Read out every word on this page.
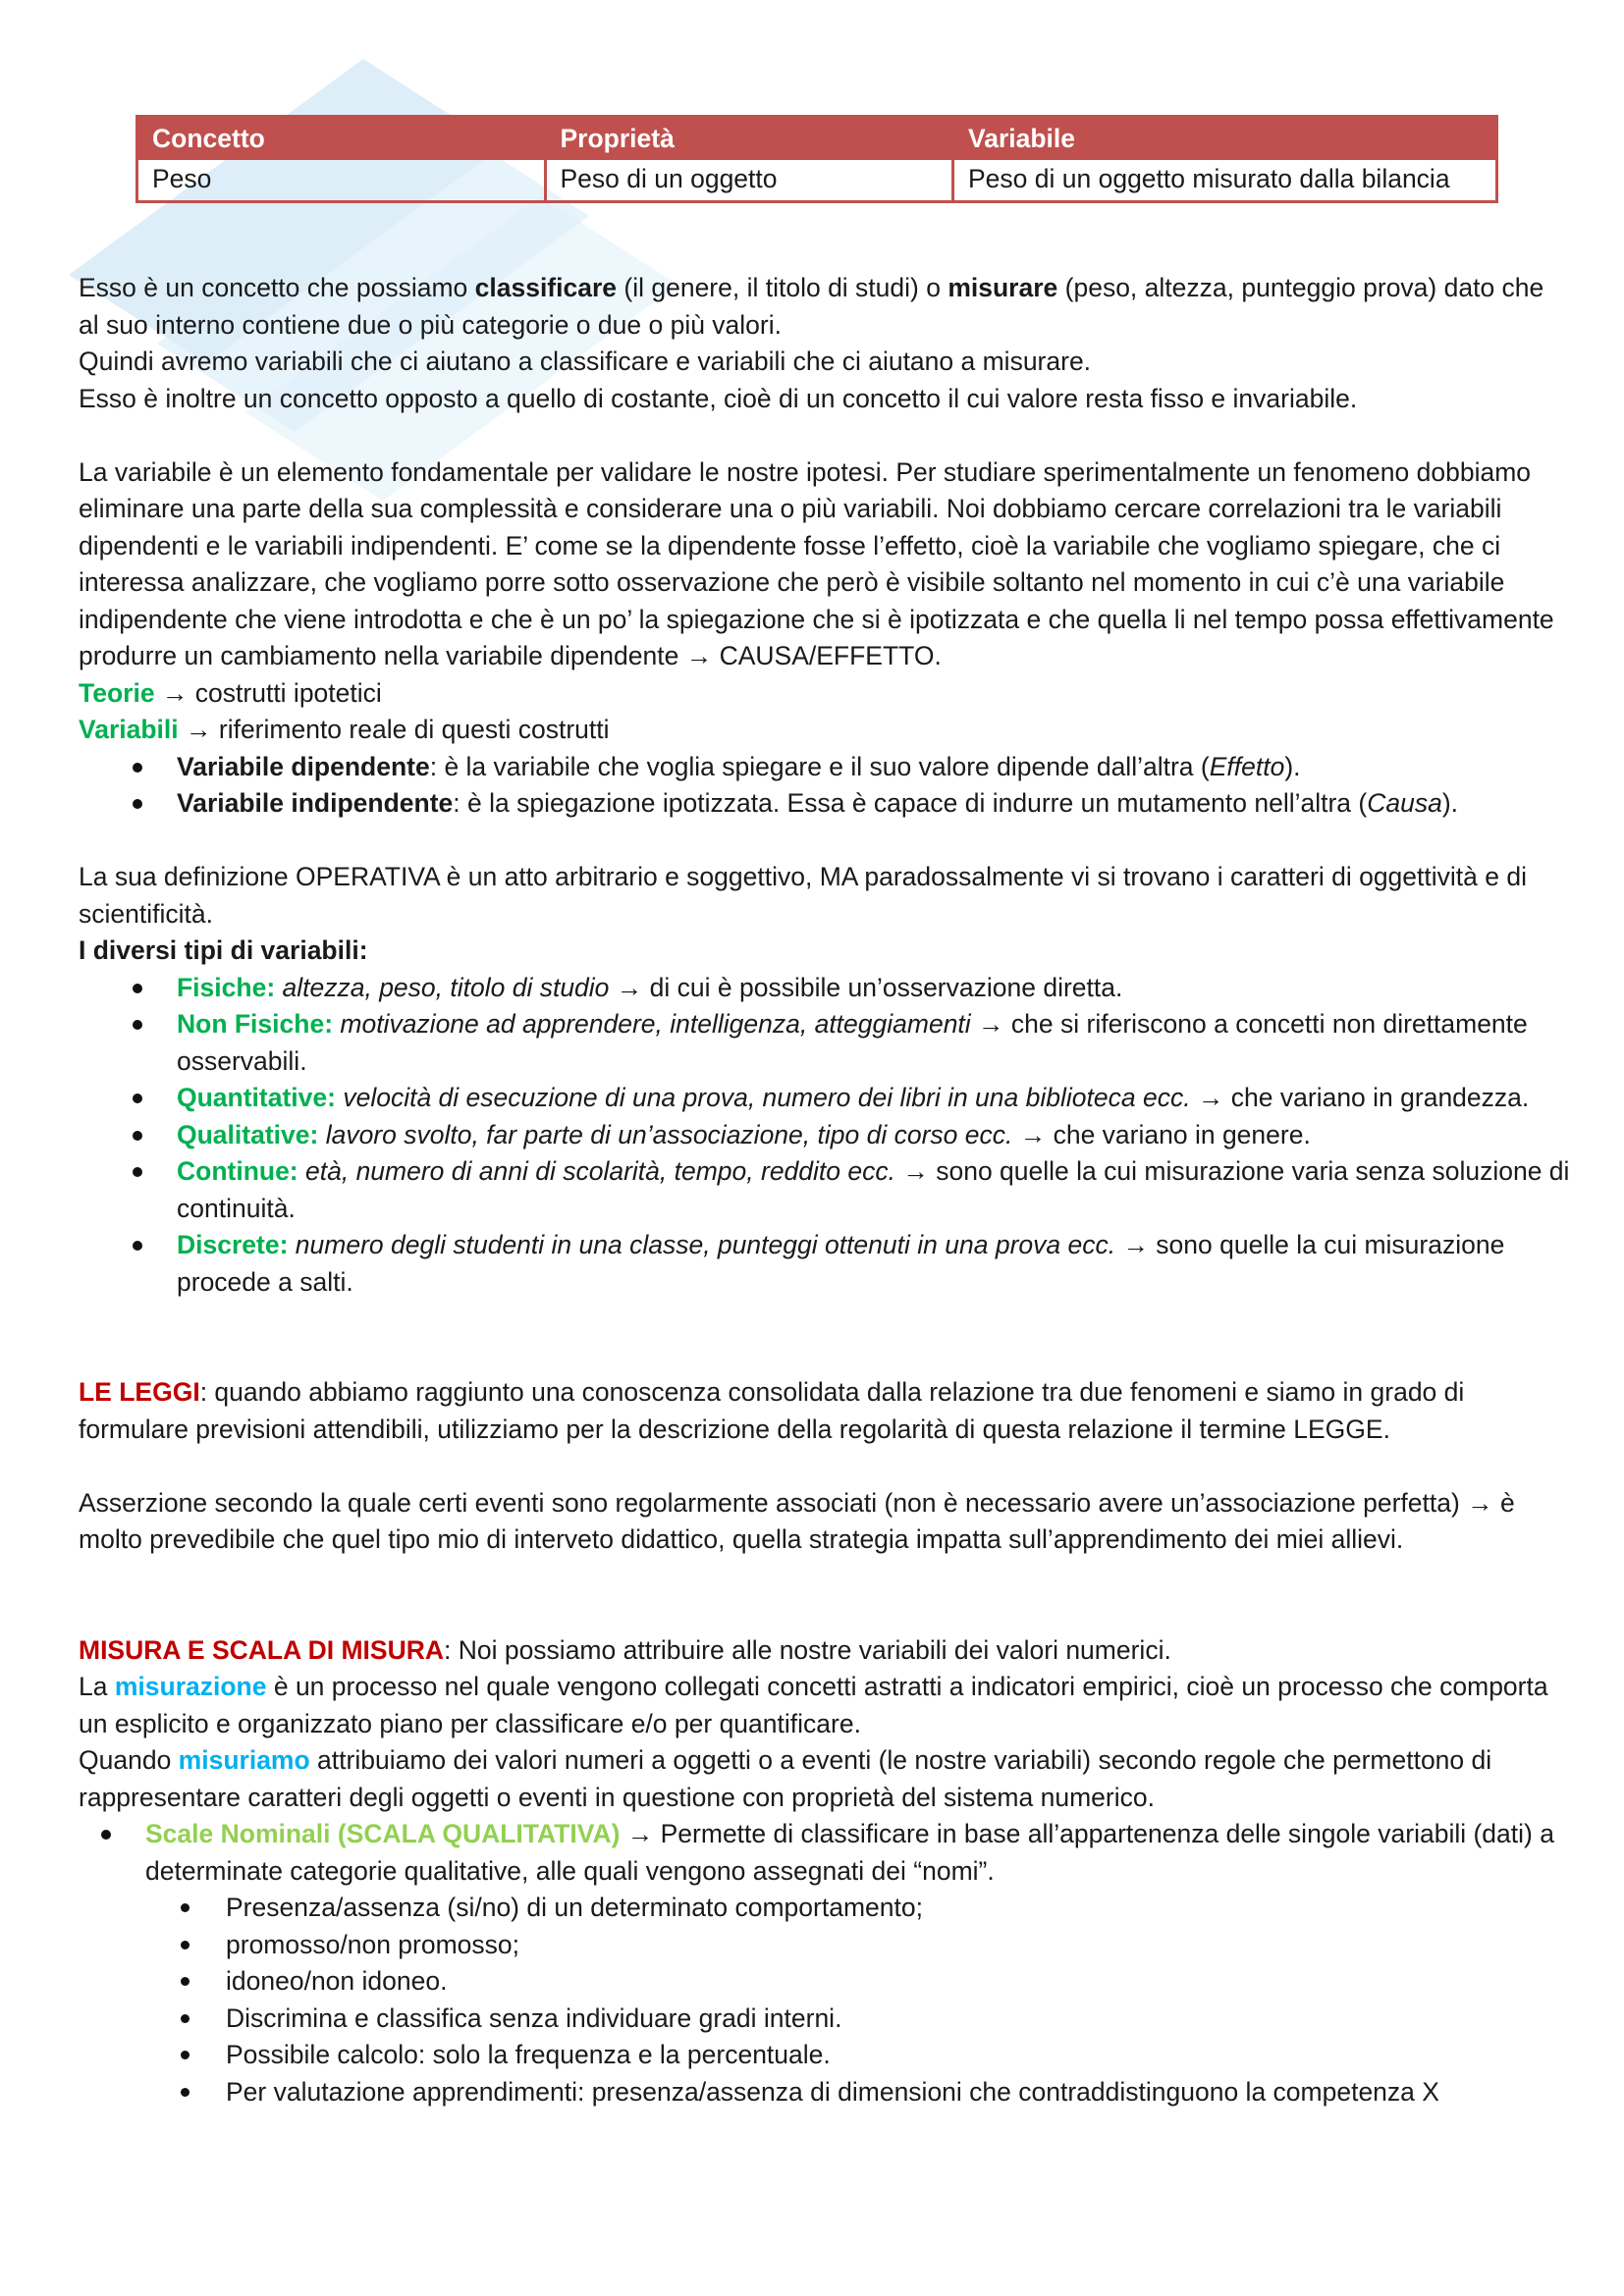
Concetto	Proprietà	Variabile
Peso	Peso di un oggetto	Peso di un oggetto misurato dalla bilancia

Esso è un concetto che possiamo classificare (il genere, il titolo di studi) o misurare (peso, altezza, punteggio prova) dato che al suo interno contiene due o più categorie o due o più valori.

Quindi avremo variabili che ci aiutano a classificare e variabili che ci aiutano a misurare.

Esso è inoltre un concetto opposto a quello di costante, cioè di un concetto il cui valore resta fisso e invariabile.

La variabile è un elemento fondamentale per validare le nostre ipotesi. Per studiare sperimentalmente un fenomeno dobbiamo eliminare una parte della sua complessità e considerare una o più variabili. Noi dobbiamo cercare correlazioni tra le variabili dipendenti e le variabili indipendenti. E’ come se la dipendente fosse l’effetto, cioè la variabile che vogliamo spiegare, che ci interessa analizzare, che vogliamo porre sotto osservazione che però è visibile soltanto nel momento in cui c’è una variabile indipendente che viene introdotta e che è un po’ la spiegazione che si è ipotizzata e che quella li nel tempo possa effettivamente produrre un cambiamento nella variabile dipendente → CAUSA/EFFETTO.

Teorie → costrutti ipotetici

Variabili → riferimento reale di questi costrutti

Variabile dipendente: è la variabile che voglia spiegare e il suo valore dipende dall’altra (Effetto).
Variabile indipendente: è la spiegazione ipotizzata. Essa è capace di indurre un mutamento nell’altra (Causa).

La sua definizione OPERATIVA è un atto arbitrario e soggettivo, MA paradossalmente vi si trovano i caratteri di oggettività e di scientificità.

I diversi tipi di variabili:

Fisiche: altezza, peso, titolo di studio → di cui è possibile un’osservazione diretta.
Non Fisiche: motivazione ad apprendere, intelligenza, atteggiamenti → che si riferiscono a concetti non direttamente osservabili.
Quantitative: velocità di esecuzione di una prova, numero dei libri in una biblioteca ecc. → che variano in grandezza.
Qualitative: lavoro svolto, far parte di un’associazione, tipo di corso ecc. → che variano in genere.
Continue: età, numero di anni di scolarità, tempo, reddito ecc. → sono quelle la cui misurazione varia senza soluzione di continuità.
Discrete: numero degli studenti in una classe, punteggi ottenuti in una prova ecc. → sono quelle la cui misurazione procede a salti.

LE LEGGI: quando abbiamo raggiunto una conoscenza consolidata dalla relazione tra due fenomeni e siamo in grado di formulare previsioni attendibili, utilizziamo per la descrizione della regolarità di questa relazione il termine LEGGE.

Asserzione secondo la quale certi eventi sono regolarmente associati (non è necessario avere un’associazione perfetta) → è molto prevedibile che quel tipo mio di interveto didattico, quella strategia impatta sull’apprendimento dei miei allievi.

MISURA E SCALA DI MISURA: Noi possiamo attribuire alle nostre variabili dei valori numerici.

La misurazione è un processo nel quale vengono collegati concetti astratti a indicatori empirici, cioè un processo che comporta un esplicito e organizzato piano per classificare e/o per quantificare.

Quando misuriamo attribuiamo dei valori numeri a oggetti o a eventi (le nostre variabili) secondo regole che permettono di rappresentare caratteri degli oggetti o eventi in questione con proprietà del sistema numerico.

Scale Nominali (SCALA QUALITATIVA) → Permette di classificare in base all’appartenenza delle singole variabili (dati) a determinate categorie qualitative, alle quali vengono assegnati dei “nomi”.
Presenza/assenza (si/no) di un determinato comportamento;
promosso/non promosso;
idoneo/non idoneo.
Discrimina e classifica senza individuare gradi interni.
Possibile calcolo: solo la frequenza e la percentuale.
Per valutazione apprendimenti: presenza/assenza di dimensioni che contraddistinguono la competenza X
